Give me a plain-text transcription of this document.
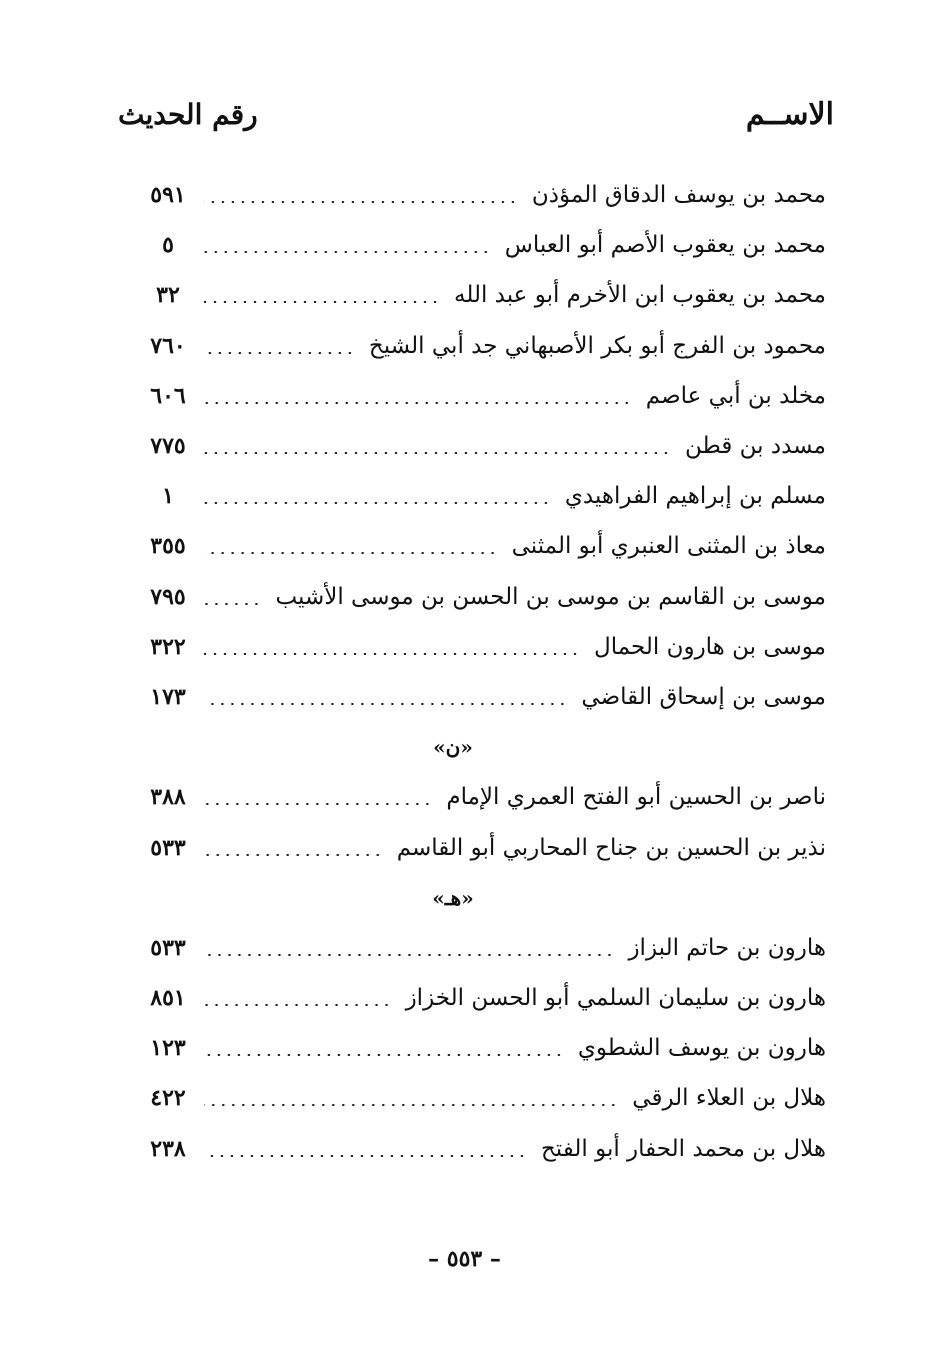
الاســم
رقم الحديث
محمد بن يوسف الدقاق المؤذن
٥٩١
محمد بن يعقوب الأصم أبو العباس
٥
محمد بن يعقوب ابن الأخرم أبو عبد الله
٣٢
محمود بن الفرج أبو بكر الأصبهاني جد أبي الشيخ
٧٦٠
مخلد بن أبي عاصم
٦٠٦
مسدد بن قطن
٧٧٥
مسلم بن إبراهيم الفراهيدي
١
معاذ بن المثنى العنبري أبو المثنى
٣٥٥
موسى بن القاسم بن موسى بن الحسن بن موسى الأشيب
٧٩٥
موسى بن هارون الحمال
٣٢٢
موسى بن إسحاق القاضي
١٧٣
«ن»
ناصر بن الحسين أبو الفتح العمري الإمام
٣٨٨
نذير بن الحسين بن جناح المحاربي أبو القاسم
٥٣٣
«هـ»
هارون بن حاتم البزاز
٥٣٣
هارون بن سليمان السلمي أبو الحسن الخزاز
٨٥١
هارون بن يوسف الشطوي
١٢٣
هلال بن العلاء الرقي
٤٢٢
هلال بن محمد الحفار أبو الفتح
٢٣٨
– ٥٥٣ –
